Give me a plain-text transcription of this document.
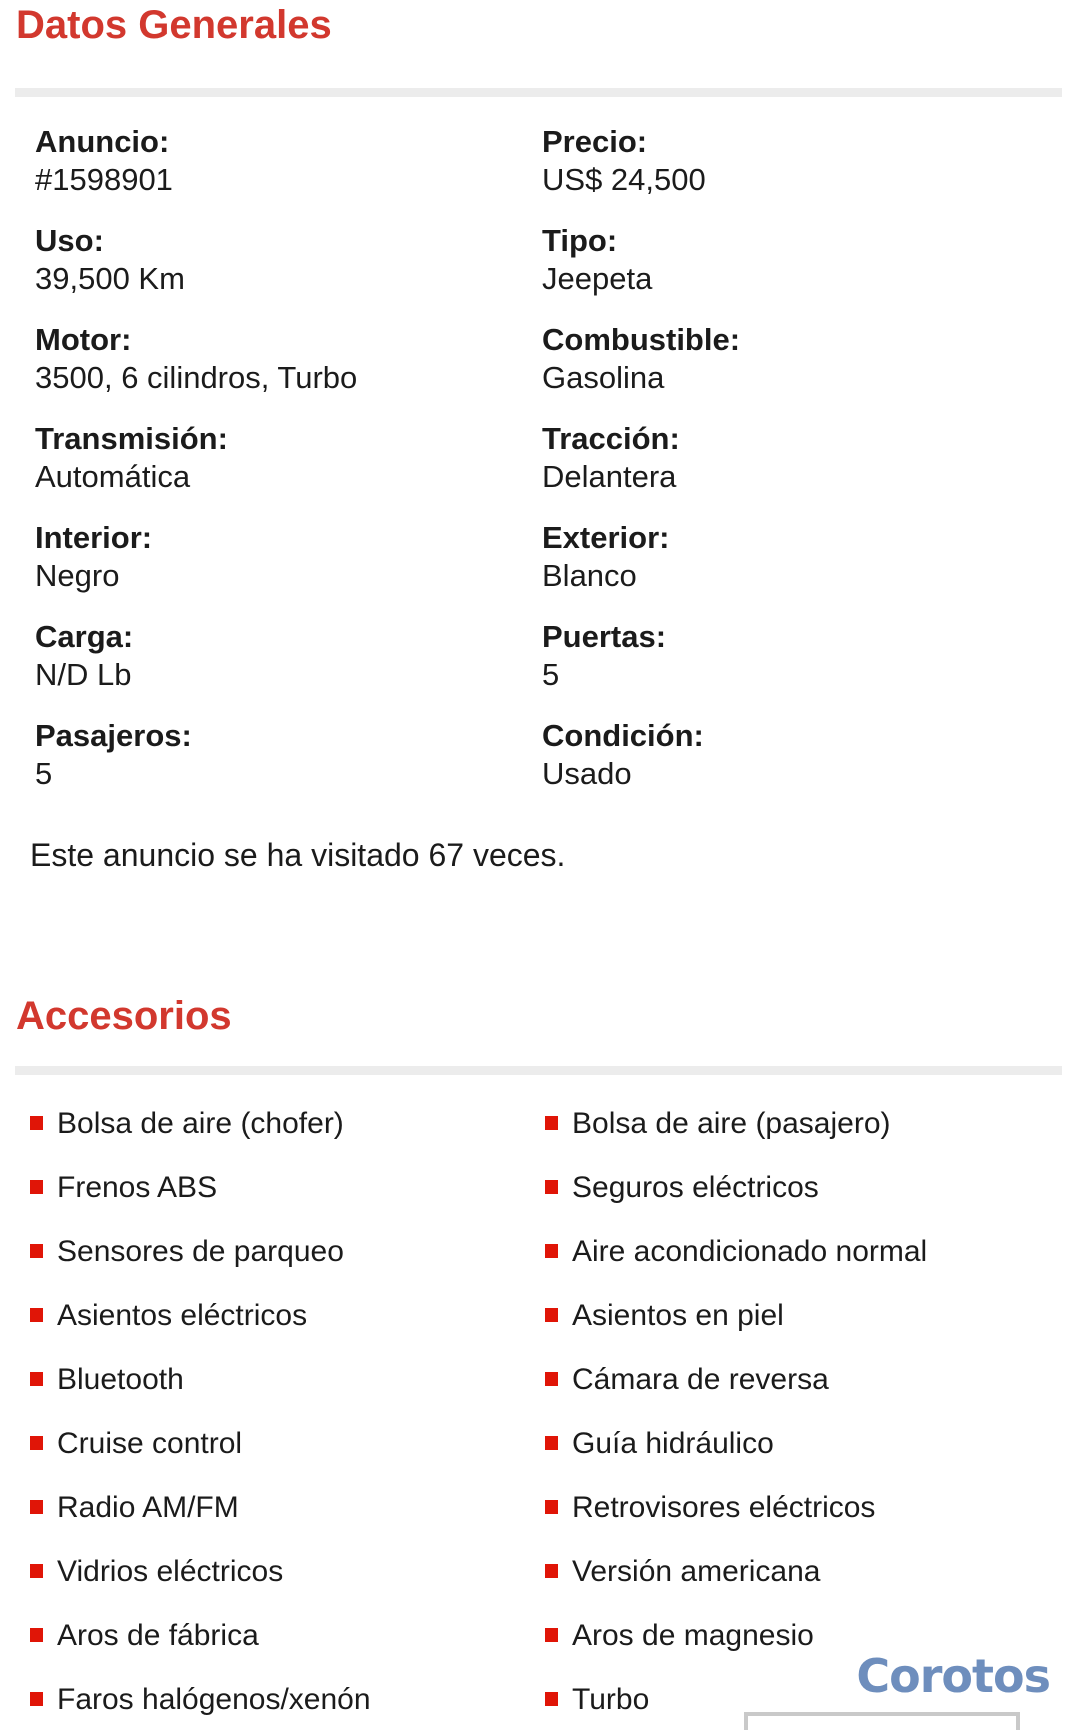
Datos Generales
Anuncio:
#1598901
Uso:
39,500 Km
Motor:
3500, 6 cilindros, Turbo
Transmisión:
Automática
Interior:
Negro
Carga:
N/D Lb
Pasajeros:
5
Precio:
US$ 24,500
Tipo:
Jeepeta
Combustible:
Gasolina
Tracción:
Delantera
Exterior:
Blanco
Puertas:
5
Condición:
Usado
Este anuncio se ha visitado 67 veces.
Accesorios
Bolsa de aire (chofer)
Frenos ABS
Sensores de parqueo
Asientos eléctricos
Bluetooth
Cruise control
Radio AM/FM
Vidrios eléctricos
Aros de fábrica
Faros halógenos/xenón
Bolsa de aire (pasajero)
Seguros eléctricos
Aire acondicionado normal
Asientos en piel
Cámara de reversa
Guía hidráulico
Retrovisores eléctricos
Versión americana
Aros de magnesio
Turbo	Corotos
